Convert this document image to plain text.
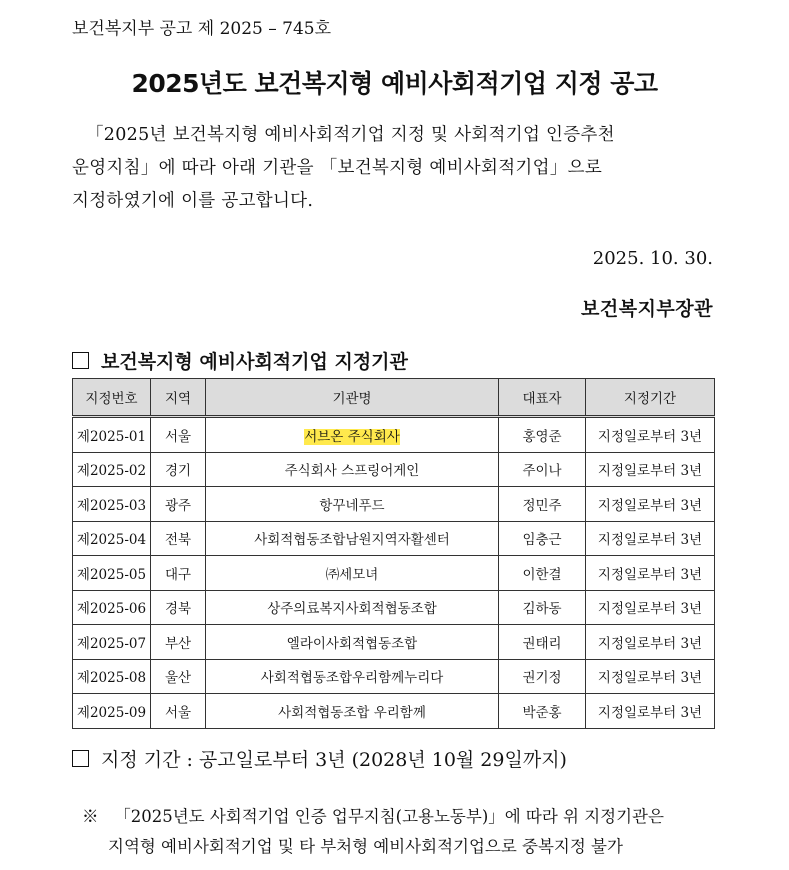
보건복지부 공고 제 2025 – 745호
2025년도 보건복지형 예비사회적기업 지정 공고
「2025년 보건복지형 예비사회적기업 지정 및 사회적기업 인증추천
운영지침」에 따라 아래 기관을 「보건복지형 예비사회적기업」으로
지정하였기에 이를 공고합니다.
2025. 10. 30.
보건복지부장관
보건복지형 예비사회적기업 지정기관
지정번호	지역	기관명	대표자	지정기간
제2025-01	서울	서브온 주식회사	홍영준	지정일로부터 3년
제2025-02	경기	주식회사 스프링어게인	주이나	지정일로부터 3년
제2025-03	광주	항꾸네푸드	정민주	지정일로부터 3년
제2025-04	전북	사회적협동조합남원지역자활센터	임충근	지정일로부터 3년
제2025-05	대구	㈜세모녀	이한결	지정일로부터 3년
제2025-06	경북	상주의료복지사회적협동조합	김하동	지정일로부터 3년
제2025-07	부산	엘라이사회적협동조합	권태리	지정일로부터 3년
제2025-08	울산	사회적협동조합우리함께누리다	권기정	지정일로부터 3년
제2025-09	서울	사회적협동조합 우리함께	박준홍	지정일로부터 3년
지정 기간 : 공고일로부터 3년 (2028년 10월 29일까지)
※ 「2025년도 사회적기업 인증 업무지침(고용노동부)」에 따라 위 지정기관은
지역형 예비사회적기업 및 타 부처형 예비사회적기업으로 중복지정 불가
